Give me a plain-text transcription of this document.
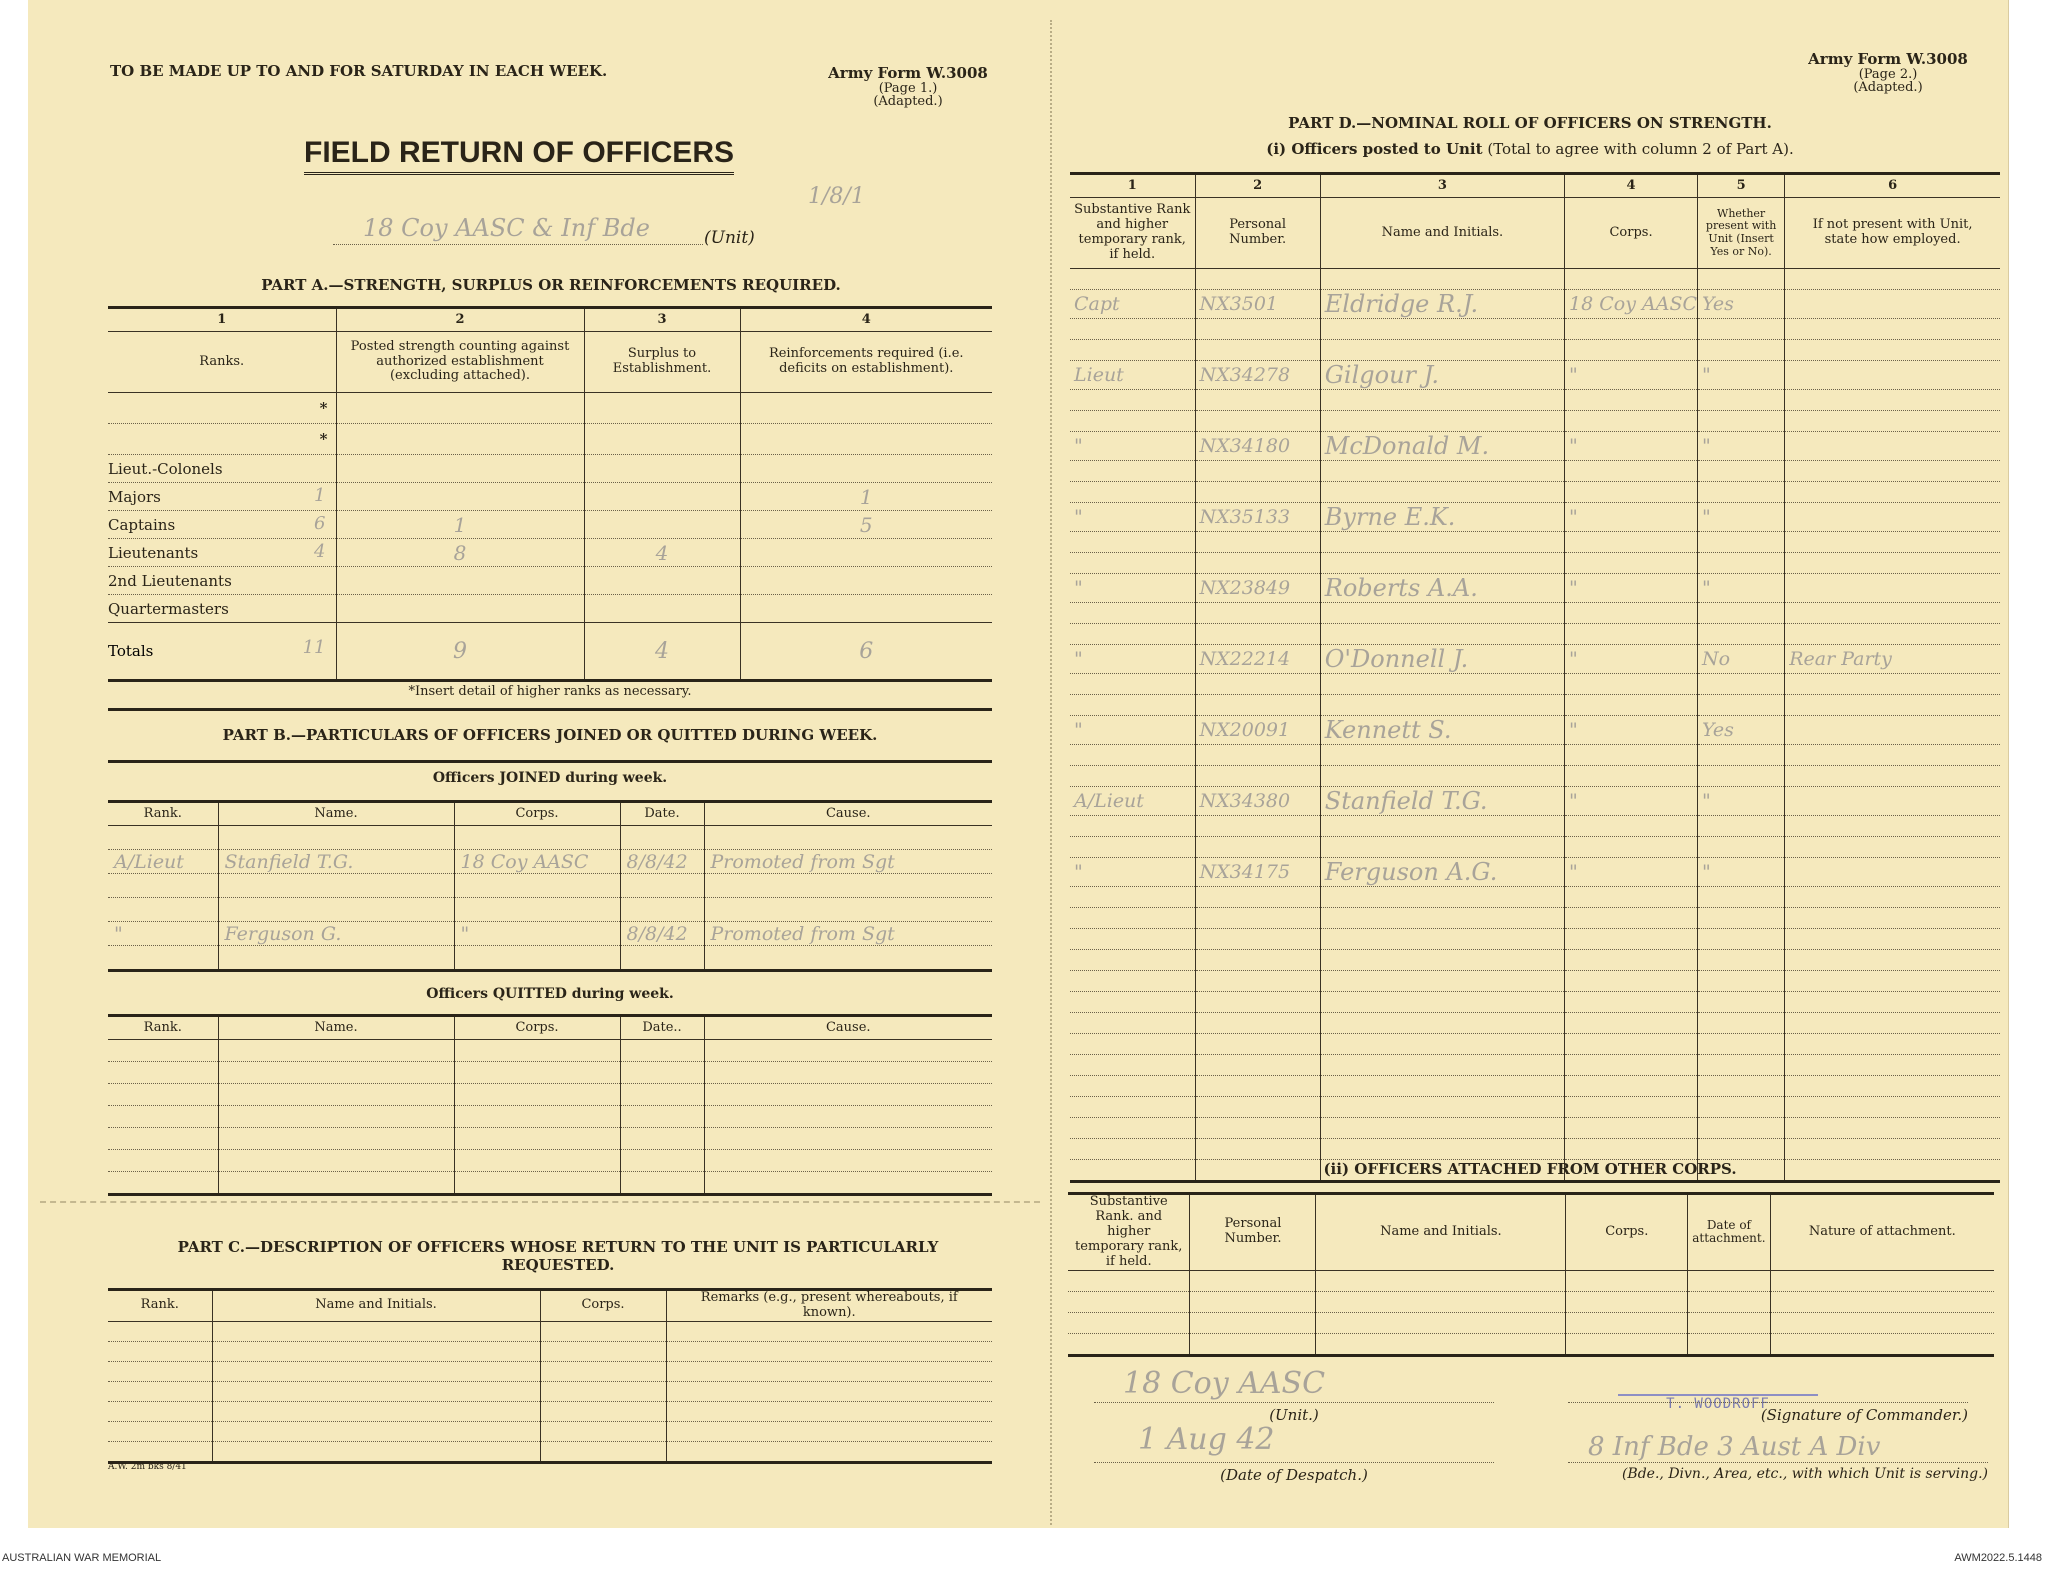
TO BE MADE UP TO AND FOR SATURDAY IN EACH WEEK.	Army Form W.3008
(Page 1.)
(Adapted.)
FIELD RETURN OF OFFICERS
1/8/1
18 Coy AASC & Inf Bde	(Unit)
PART A.—STRENGTH, SURPLUS OR REINFORCEMENTS REQUIRED.
1	2	3	4
Ranks.	Posted strength counting against authorized establishment (excluding attached).	Surplus to Establishment.	Reinforcements required (i.e. deficits on establishment).
*

*

Lieut.-Colonels

Majors 1			1
Captains 6	1		5
Lieutenants 4	8	4	
2nd Lieutenants

Quartermasters

Totals 11	9	4	6
*Insert detail of higher ranks as necessary.
PART B.—PARTICULARS OF OFFICERS JOINED OR QUITTED DURING WEEK.
Officers JOINED during week.
Rank.	Name.	Corps.	Date.	Cause.

A/Lieut	Stanfield T.G.	18 Coy AASC	8/8/42	Promoted from Sgt

"	Ferguson G.	"	8/8/42	Promoted from Sgt

Officers QUITTED during week.
Rank.	Name.	Corps.	Date..	Cause.

PART C.—DESCRIPTION OF OFFICERS WHOSE RETURN TO THE UNIT IS PARTICULARLY REQUESTED.
Rank.	Name and Initials.	Corps.	Remarks (e.g., present whereabouts, if known).

A.W. 2m bks 8/41
Army Form W.3008
(Page 2.)
(Adapted.)
PART D.—NOMINAL ROLL OF OFFICERS ON STRENGTH.
(i) Officers posted to Unit (Total to agree with column 2 of Part A).
1	2	3	4	5	6
Substantive Rank and higher temporary rank, if held.	Personal Number.	Name and Initials.	Corps.	Whether present with Unit (Insert Yes or No).	If not present with Unit, state how employed.

Capt	NX3501	Eldridge R.J.	18 Coy AASC	Yes	

Lieut	NX34278	Gilgour J.	"	"	

"	NX34180	McDonald M.	"	"	

"	NX35133	Byrne E.K.	"	"	

"	NX23849	Roberts A.A.	"	"	

"	NX22214	O'Donnell J.	"	No	Rear Party

"	NX20091	Kennett S.	"	Yes	

A/Lieut	NX34380	Stanfield T.G.	"	"	

"	NX34175	Ferguson A.G.	"	"	

(ii) OFFICERS ATTACHED FROM OTHER CORPS.
Substantive Rank. and higher temporary rank, if held.	Personal Number.	Name and Initials.	Corps.	Date of attachment.	Nature of attachment.

18 Coy AASC
(Unit.)
T. WOODROFF
(Signature of Commander.)
1 Aug 42
(Date of Despatch.)
8 Inf Bde 3 Aust A Div
(Bde., Divn., Area, etc., with which Unit is serving.)
AUSTRALIAN WAR MEMORIAL	AWM2022.5.1448
